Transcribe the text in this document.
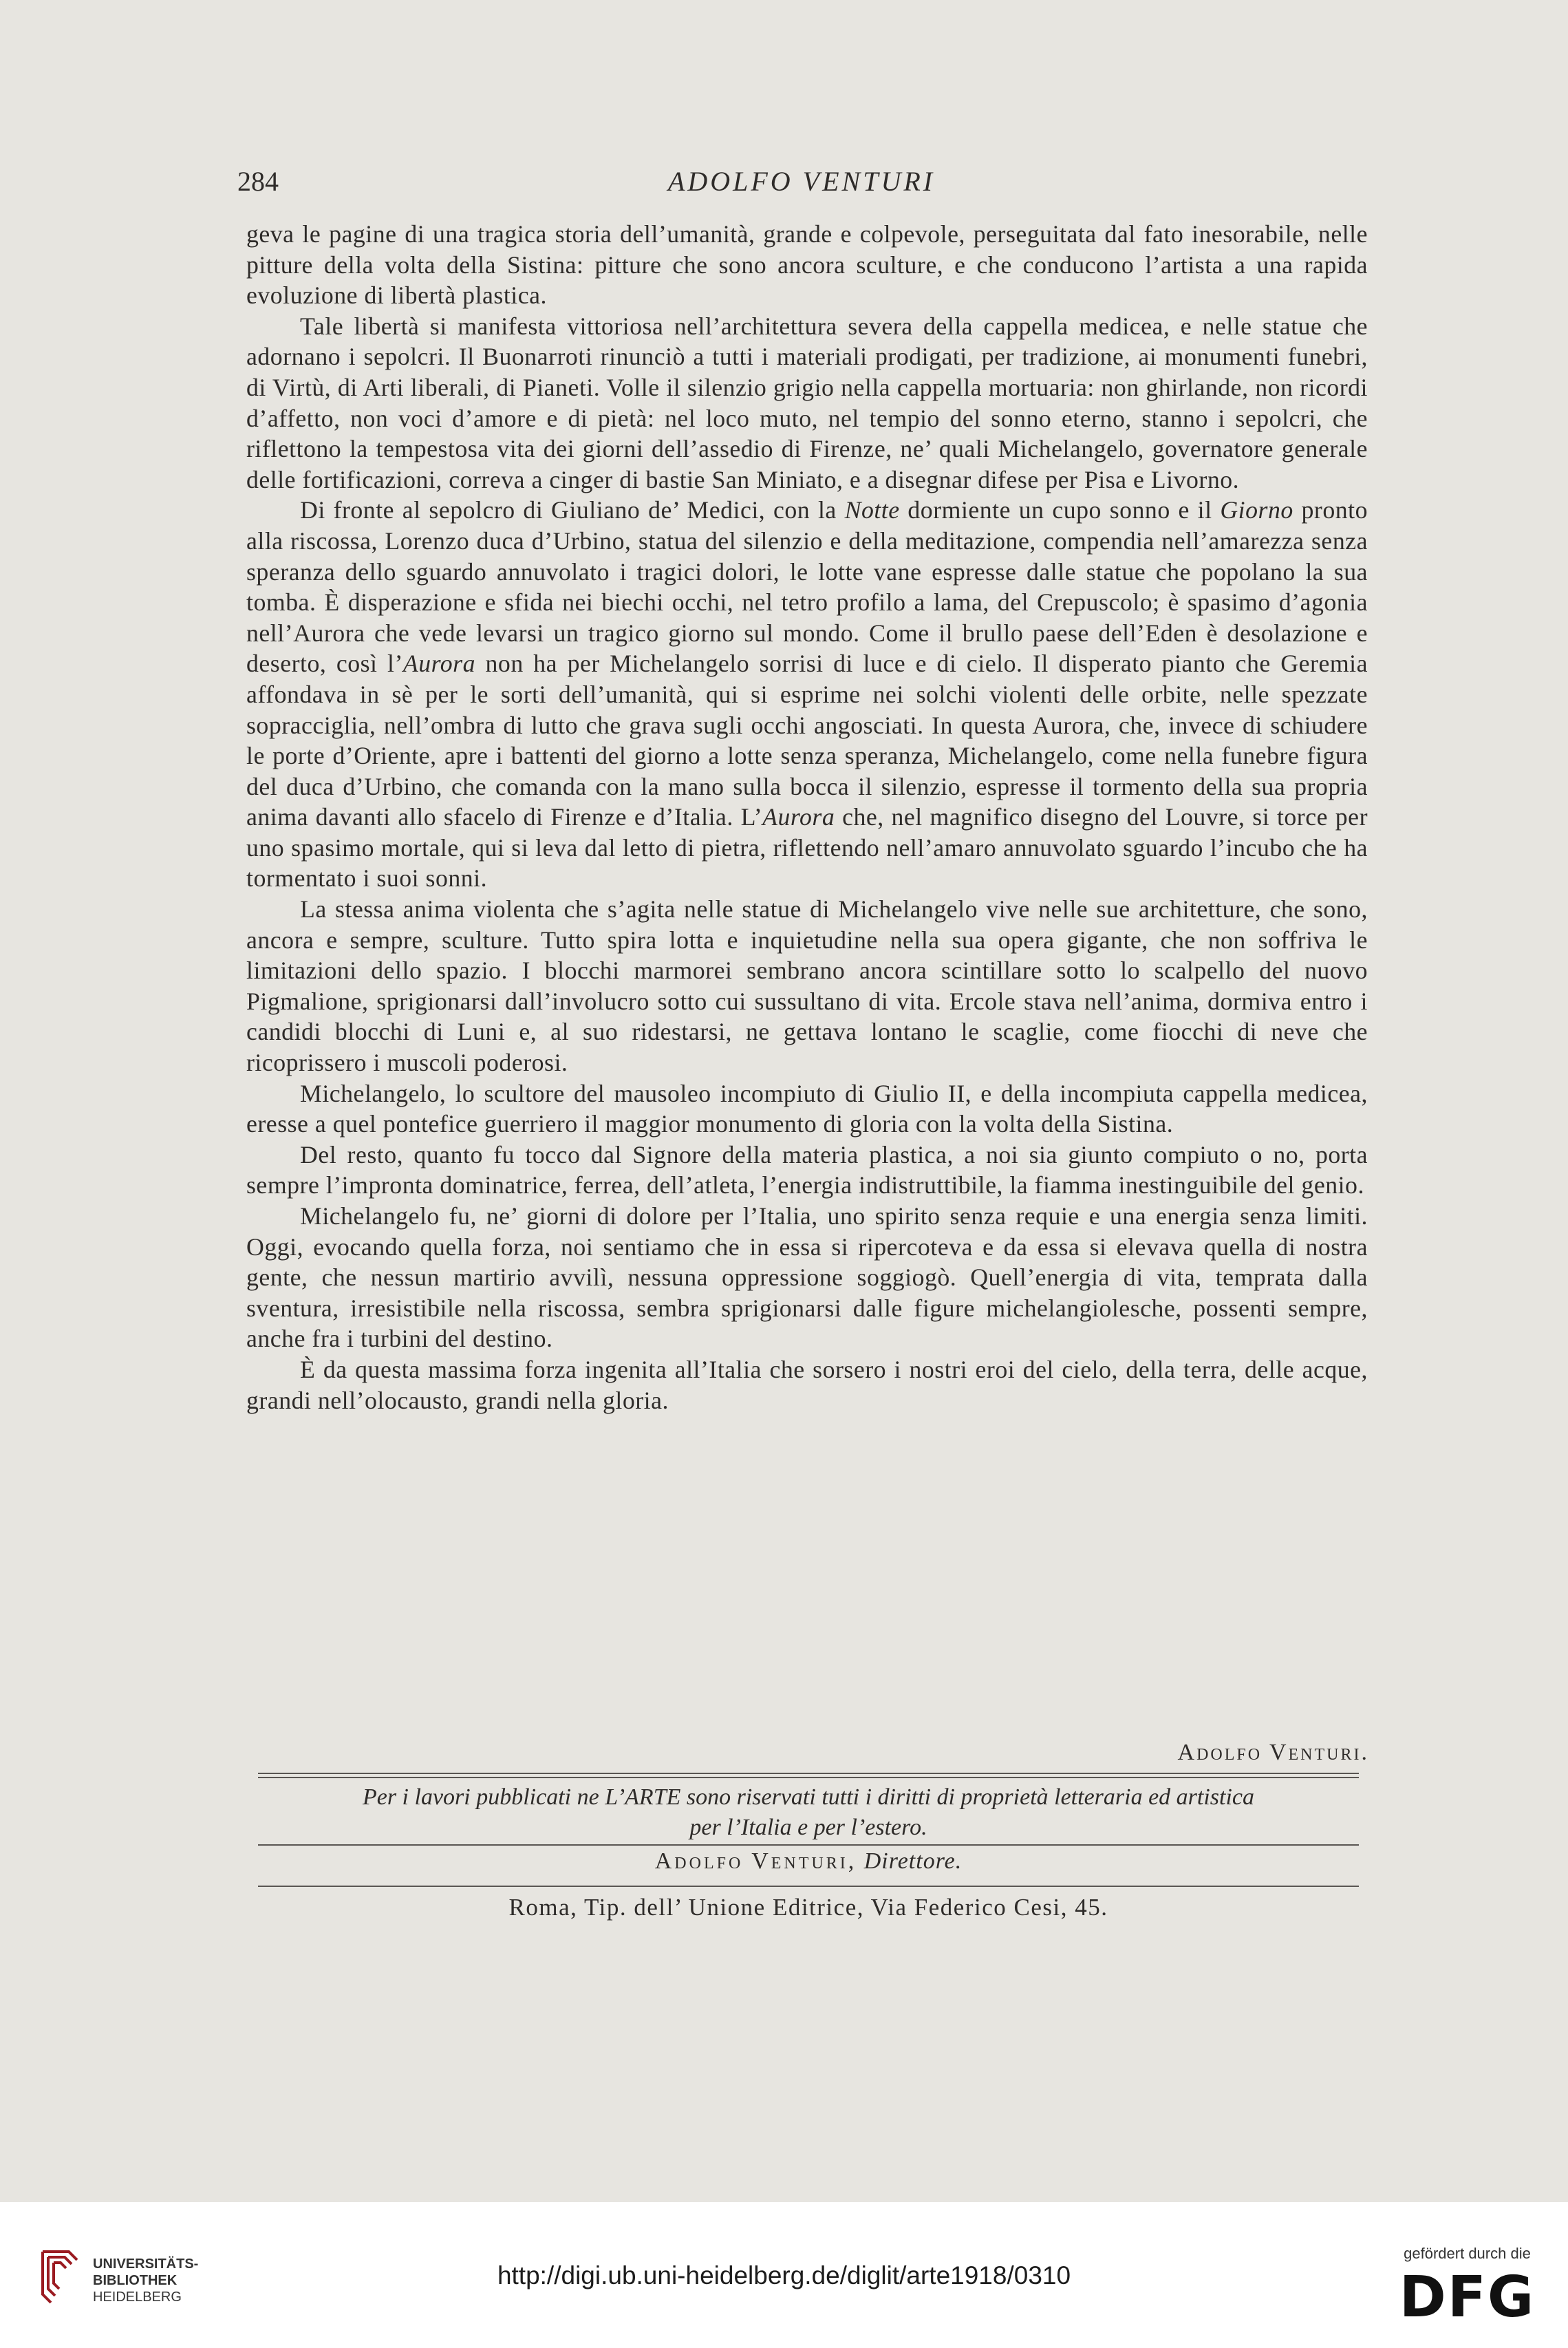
284	ADOLFO VENTURI

geva le pagine di una tragica storia dell’umanità, grande e colpevole, perseguitata dal fato inesorabile, nelle pitture della volta della Sistina: pitture che sono ancora sculture, e che conducono l’artista a una rapida evoluzione di libertà plastica.

Tale libertà si manifesta vittoriosa nell’architettura severa della cappella medicea, e nelle statue che adornano i sepolcri. Il Buonarroti rinunciò a tutti i materiali prodigati, per tradizione, ai monumenti funebri, di Virtù, di Arti liberali, di Pianeti. Volle il silenzio grigio nella cappella mortuaria: non ghirlande, non ricordi d’affetto, non voci d’amore e di pietà: nel loco muto, nel tempio del sonno eterno, stanno i sepolcri, che riflettono la tempestosa vita dei giorni dell’assedio di Firenze, ne’ quali Michelangelo, governatore generale delle fortificazioni, correva a cinger di bastie San Miniato, e a disegnar difese per Pisa e Livorno.

Di fronte al sepolcro di Giuliano de’ Medici, con la Notte dormiente un cupo sonno e il Giorno pronto alla riscossa, Lorenzo duca d’Urbino, statua del silenzio e della meditazione, compendia nell’amarezza senza speranza dello sguardo annuvolato i tragici dolori, le lotte vane espresse dalle statue che popolano la sua tomba. È disperazione e sfida nei biechi occhi, nel tetro profilo a lama, del Crepuscolo; è spasimo d’agonia nell’Aurora che vede levarsi un tragico giorno sul mondo. Come il brullo paese dell’Eden è desolazione e deserto, così l’Aurora non ha per Michelangelo sorrisi di luce e di cielo. Il disperato pianto che Geremia affondava in sè per le sorti dell’umanità, qui si esprime nei solchi violenti delle orbite, nelle spezzate sopracciglia, nell’ombra di lutto che grava sugli occhi angosciati. In questa Aurora, che, invece di schiudere le porte d’Oriente, apre i battenti del giorno a lotte senza speranza, Michelangelo, come nella funebre figura del duca d’Urbino, che comanda con la mano sulla bocca il silenzio, espresse il tormento della sua propria anima davanti allo sfacelo di Firenze e d’Italia. L’Aurora che, nel magnifico disegno del Louvre, si torce per uno spasimo mortale, qui si leva dal letto di pietra, riflettendo nell’amaro annuvolato sguardo l’incubo che ha tormentato i suoi sonni.

La stessa anima violenta che s’agita nelle statue di Michelangelo vive nelle sue architetture, che sono, ancora e sempre, sculture. Tutto spira lotta e inquietudine nella sua opera gigante, che non soffriva le limitazioni dello spazio. I blocchi marmorei sembrano ancora scintillare sotto lo scalpello del nuovo Pigmalione, sprigionarsi dall’involucro sotto cui sussultano di vita. Ercole stava nell’anima, dormiva entro i candidi blocchi di Luni e, al suo ridestarsi, ne gettava lontano le scaglie, come fiocchi di neve che ricoprissero i muscoli poderosi.

Michelangelo, lo scultore del mausoleo incompiuto di Giulio II, e della incompiuta cappella medicea, eresse a quel pontefice guerriero il maggior monumento di gloria con la volta della Sistina.

Del resto, quanto fu tocco dal Signore della materia plastica, a noi sia giunto compiuto o no, porta sempre l’impronta dominatrice, ferrea, dell’atleta, l’energia indistruttibile, la fiamma inestinguibile del genio.

Michelangelo fu, ne’ giorni di dolore per l’Italia, uno spirito senza requie e una energia senza limiti. Oggi, evocando quella forza, noi sentiamo che in essa si ripercoteva e da essa si elevava quella di nostra gente, che nessun martirio avvilì, nessuna oppressione soggiogò. Quell’energia di vita, temprata dalla sventura, irresistibile nella riscossa, sembra sprigionarsi dalle figure michelangiolesche, possenti sempre, anche fra i turbini del destino.

È da questa massima forza ingenita all’Italia che sorsero i nostri eroi del cielo, della terra, delle acque, grandi nell’olocausto, grandi nella gloria.

Adolfo Venturi.
Per i lavori pubblicati ne L’ARTE sono riservati tutti i diritti di proprietà letteraria ed artistica
per l’Italia e per l’estero.
Adolfo Venturi, Direttore.
Roma, Tip. dell’ Unione Editrice, Via Federico Cesi, 45.
UNIVERSITÄTS-
BIBLIOTHEK
HEIDELBERG
http://digi.ub.uni-heidelberg.de/diglit/arte1918/0310
gefördert durch die
DFG
